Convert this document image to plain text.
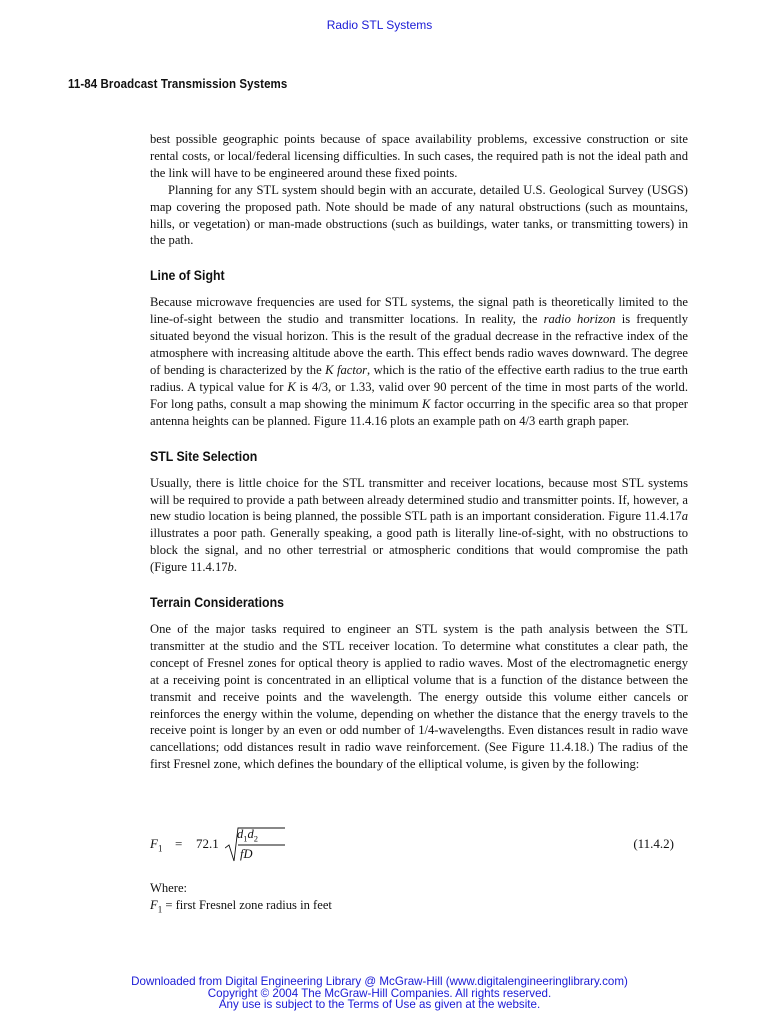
Radio STL Systems
11-84 Broadcast Transmission Systems

best possible geographic points because of space availability problems, excessive construction or site rental costs, or local/federal licensing difficulties. In such cases, the required path is not the ideal path and the link will have to be engineered around these fixed points.

Planning for any STL system should begin with an accurate, detailed U.S. Geological Survey (USGS) map covering the proposed path. Note should be made of any natural obstructions (such as mountains, hills, or vegetation) or man-made obstructions (such as buildings, water tanks, or transmitting towers) in the path.

Line of Sight

Because microwave frequencies are used for STL systems, the signal path is theoretically limited to the line-of-sight between the studio and transmitter locations. In reality, the radio horizon is frequently situated beyond the visual horizon. This is the result of the gradual decrease in the refractive index of the atmosphere with increasing altitude above the earth. This effect bends radio waves downward. The degree of bending is characterized by the K factor, which is the ratio of the effective earth radius to the true earth radius. A typical value for K is 4/3, or 1.33, valid over 90 percent of the time in most parts of the world. For long paths, consult a map showing the minimum K factor occurring in the specific area so that proper antenna heights can be planned. Figure 11.4.16 plots an example path on 4/3 earth graph paper.

STL Site Selection

Usually, there is little choice for the STL transmitter and receiver locations, because most STL systems will be required to provide a path between already determined studio and transmitter points. If, however, a new studio location is being planned, the possible STL path is an important consideration. Figure 11.4.17a illustrates a poor path. Generally speaking, a good path is literally line-of-sight, with no obstructions to block the signal, and no other terrestrial or atmospheric conditions that would compromise the path (Figure 11.4.17b.

Terrain Considerations

One of the major tasks required to engineer an STL system is the path analysis between the STL transmitter at the studio and the STL receiver location. To determine what constitutes a clear path, the concept of Fresnel zones for optical theory is applied to radio waves. Most of the electromagnetic energy at a receiving point is concentrated in an elliptical volume that is a function of the distance between the transmit and receive points and the wavelength. The energy outside this volume either cancels or reinforces the energy within the volume, depending on whether the distance that the energy travels to the receive point is longer by an even or odd number of 1/4-wavelengths. Even distances result in radio wave cancellations; odd distances result in radio wave reinforcement. (See Figure 11.4.18.) The radius of the first Fresnel zone, which defines the boundary of the elliptical volume, is given by the following:

$F_1 = 72.1$
$d_1d_2$
fD
(11.4.2)
Where:
$F_1$ = first Fresnel zone radius in feet
Downloaded from Digital Engineering Library @ McGraw-Hill (www.digitalengineeringlibrary.com)
Copyright © 2004 The McGraw-Hill Companies. All rights reserved.
Any use is subject to the Terms of Use as given at the website.
